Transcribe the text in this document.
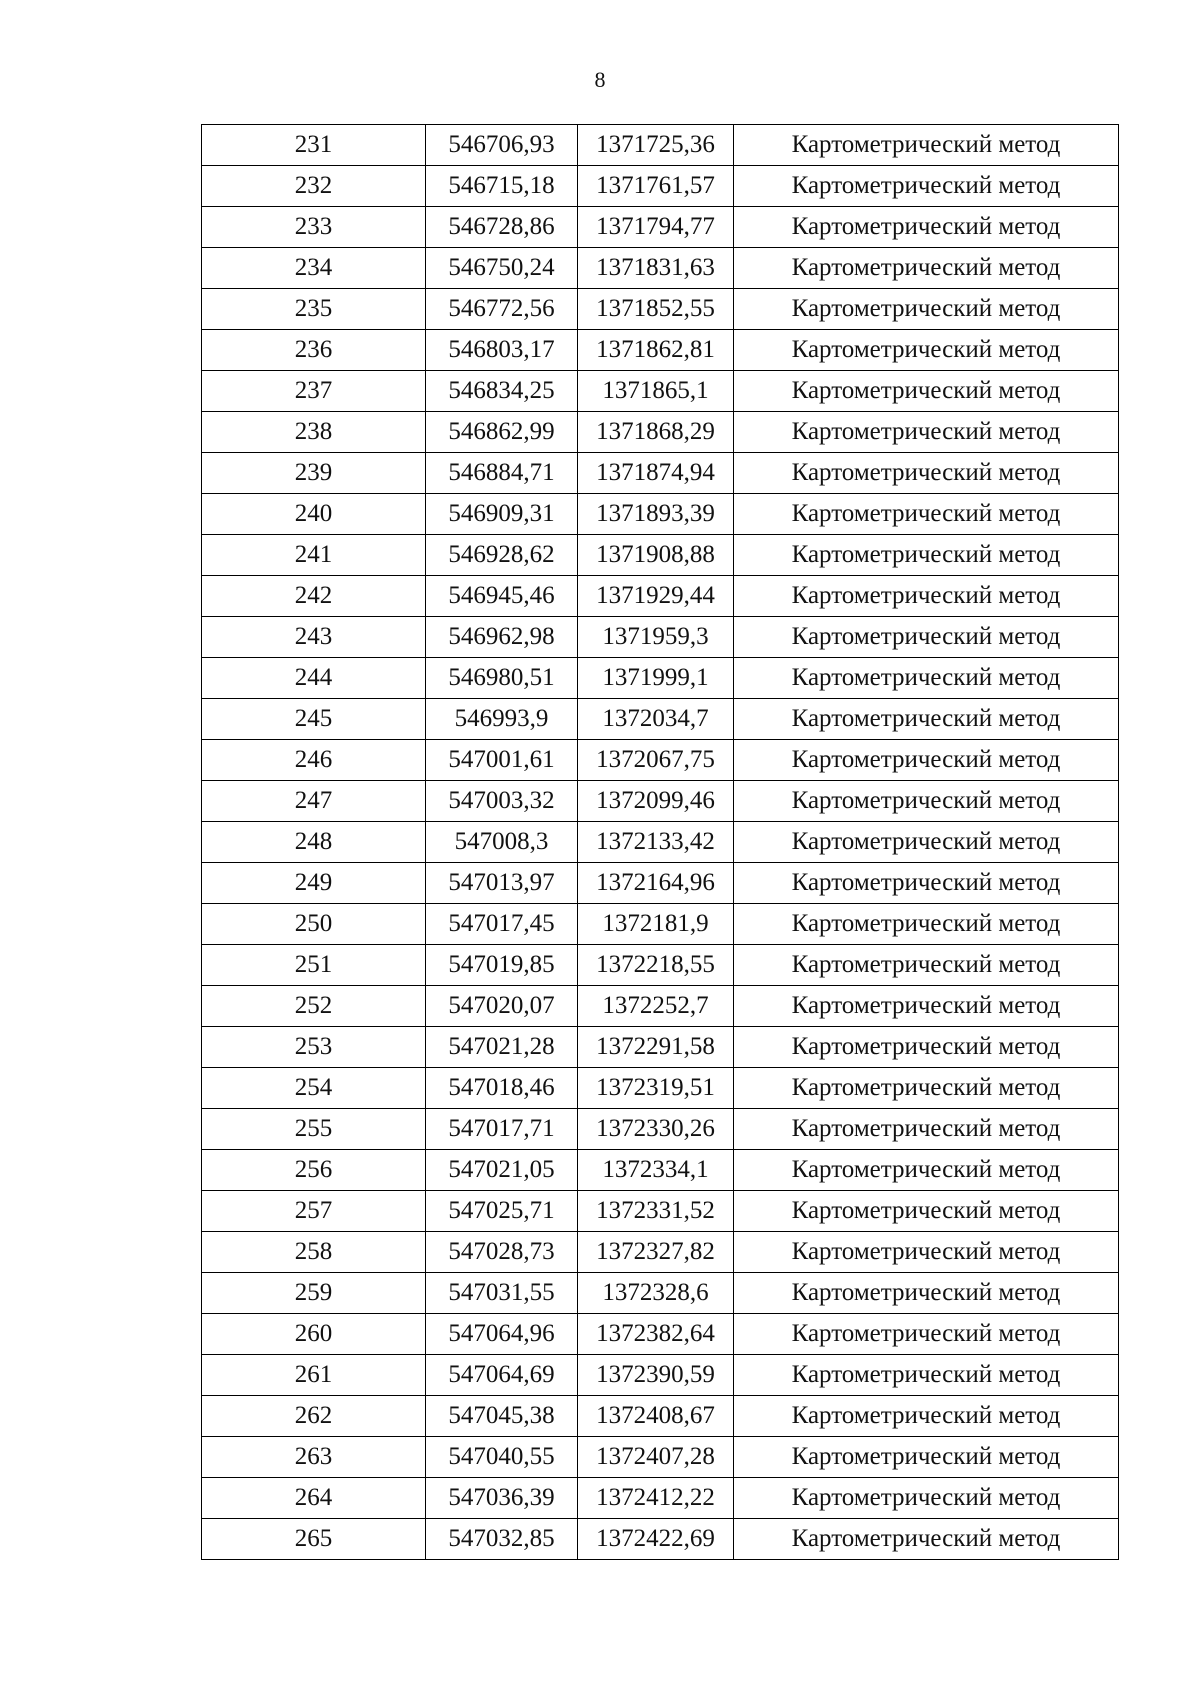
8
231	546706,93	1371725,36	Картометрический метод
232	546715,18	1371761,57	Картометрический метод
233	546728,86	1371794,77	Картометрический метод
234	546750,24	1371831,63	Картометрический метод
235	546772,56	1371852,55	Картометрический метод
236	546803,17	1371862,81	Картометрический метод
237	546834,25	1371865,1	Картометрический метод
238	546862,99	1371868,29	Картометрический метод
239	546884,71	1371874,94	Картометрический метод
240	546909,31	1371893,39	Картометрический метод
241	546928,62	1371908,88	Картометрический метод
242	546945,46	1371929,44	Картометрический метод
243	546962,98	1371959,3	Картометрический метод
244	546980,51	1371999,1	Картометрический метод
245	546993,9	1372034,7	Картометрический метод
246	547001,61	1372067,75	Картометрический метод
247	547003,32	1372099,46	Картометрический метод
248	547008,3	1372133,42	Картометрический метод
249	547013,97	1372164,96	Картометрический метод
250	547017,45	1372181,9	Картометрический метод
251	547019,85	1372218,55	Картометрический метод
252	547020,07	1372252,7	Картометрический метод
253	547021,28	1372291,58	Картометрический метод
254	547018,46	1372319,51	Картометрический метод
255	547017,71	1372330,26	Картометрический метод
256	547021,05	1372334,1	Картометрический метод
257	547025,71	1372331,52	Картометрический метод
258	547028,73	1372327,82	Картометрический метод
259	547031,55	1372328,6	Картометрический метод
260	547064,96	1372382,64	Картометрический метод
261	547064,69	1372390,59	Картометрический метод
262	547045,38	1372408,67	Картометрический метод
263	547040,55	1372407,28	Картометрический метод
264	547036,39	1372412,22	Картометрический метод
265	547032,85	1372422,69	Картометрический метод
